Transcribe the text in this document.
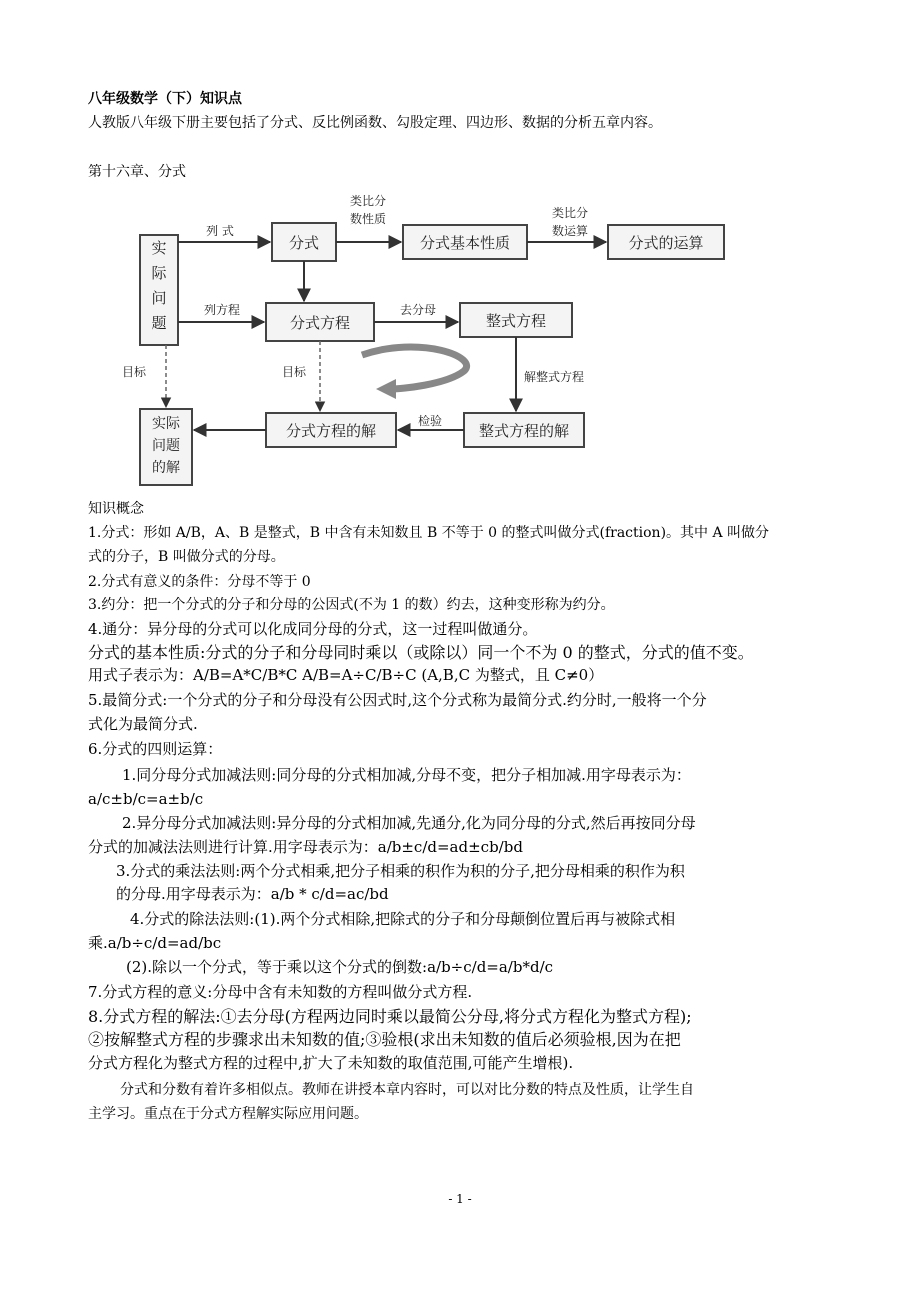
八年级数学（下）知识点
人教版八年级下册主要包括了分式、反比例函数、勾股定理、四边形、数据的分析五章内容。
第十六章、分式
实
际
问
题
分式	分式基本性质	分式的运算
分式方程	整式方程
实际
问题
的解
分式方程的解	整式方程的解
列 式
类比分
数性质	类比分
数运算
列方程	去分母
解整式方程
目标	目标
检验
知识概念
1.分式：形如 A/B，A、B 是整式，B 中含有未知数且 B 不等于 0 的整式叫做分式(fraction)。其中 A 叫做分
式的分子，B 叫做分式的分母。
2.分式有意义的条件：分母不等于 0
3.约分：把一个分式的分子和分母的公因式(不为 1 的数）约去，这种变形称为约分。
4.通分：异分母的分式可以化成同分母的分式，这一过程叫做通分。
分式的基本性质:分式的分子和分母同时乘以（或除以）同一个不为 0 的整式，分式的值不变。
用式子表示为：A/B=A*C/B*C A/B=A÷C/B÷C (A,B,C 为整式，且 C≠0）
5.最简分式:一个分式的分子和分母没有公因式时,这个分式称为最简分式.约分时,一般将一个分
式化为最简分式.
6.分式的四则运算：
1.同分母分式加减法则:同分母的分式相加减,分母不变，把分子相加减.用字母表示为：
a/c±b/c=a±b/c
2.异分母分式加减法则:异分母的分式相加减,先通分,化为同分母的分式,然后再按同分母
分式的加减法法则进行计算.用字母表示为：a/b±c/d=ad±cb/bd
3.分式的乘法法则:两个分式相乘,把分子相乘的积作为积的分子,把分母相乘的积作为积
的分母.用字母表示为：a/b * c/d=ac/bd
4.分式的除法法则:(1).两个分式相除,把除式的分子和分母颠倒位置后再与被除式相
乘.a/b÷c/d=ad/bc
(2).除以一个分式，等于乘以这个分式的倒数:a/b÷c/d=a/b*d/c
7.分式方程的意义:分母中含有未知数的方程叫做分式方程.
8.分式方程的解法:①去分母(方程两边同时乘以最简公分母,将分式方程化为整式方程);
②按解整式方程的步骤求出未知数的值;③验根(求出未知数的值后必须验根,因为在把
分式方程化为整式方程的过程中,扩大了未知数的取值范围,可能产生增根).
分式和分数有着许多相似点。教师在讲授本章内容时，可以对比分数的特点及性质，让学生自
主学习。重点在于分式方程解实际应用问题。
- 1 -
